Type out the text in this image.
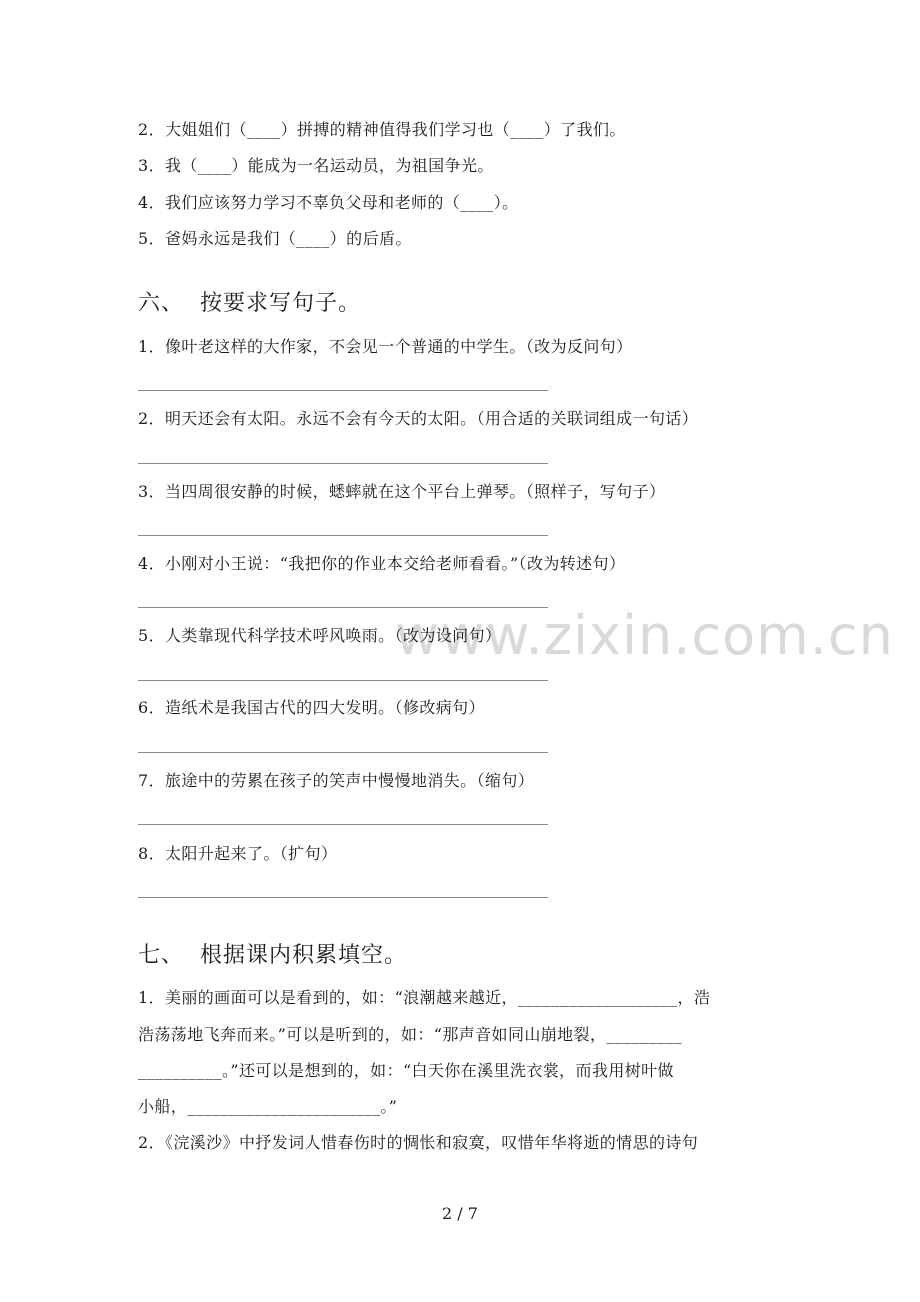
www.zixin.com.cn
2．大姐姐们（____）拼搏的精神值得我们学习也（____）了我们。
3．我（____）能成为一名运动员，为祖国争光。
4．我们应该努力学习不辜负父母和老师的（____）。
5．爸妈永远是我们（____）的后盾。
六、 按要求写句子。
1．像叶老这样的大作家，不会见一个普通的中学生。（改为反问句）
2．明天还会有太阳。永远不会有今天的太阳。（用合适的关联词组成一句话）
3．当四周很安静的时候，蟋蟀就在这个平台上弹琴。（照样子，写句子）
4．小刚对小王说：“我把你的作业本交给老师看看。”（改为转述句）
5．人类靠现代科学技术呼风唤雨。（改为设问句）
6．造纸术是我国古代的四大发明。（修改病句）
7．旅途中的劳累在孩子的笑声中慢慢地消失。（缩句）
8．太阳升起来了。（扩句）
七、 根据课内积累填空。
1．美丽的画面可以是看到的，如：“浪潮越来越近，___________________，浩
浩荡荡地飞奔而来。”可以是听到的，如：“那声音如同山崩地裂，_________
__________。”还可以是想到的，如：“白天你在溪里洗衣裳，而我用树叶做
小船，_______________________。”
2．《浣溪沙》中抒发词人惜春伤时的惆怅和寂寞，叹惜年华将逝的情思的诗句
2 / 7
